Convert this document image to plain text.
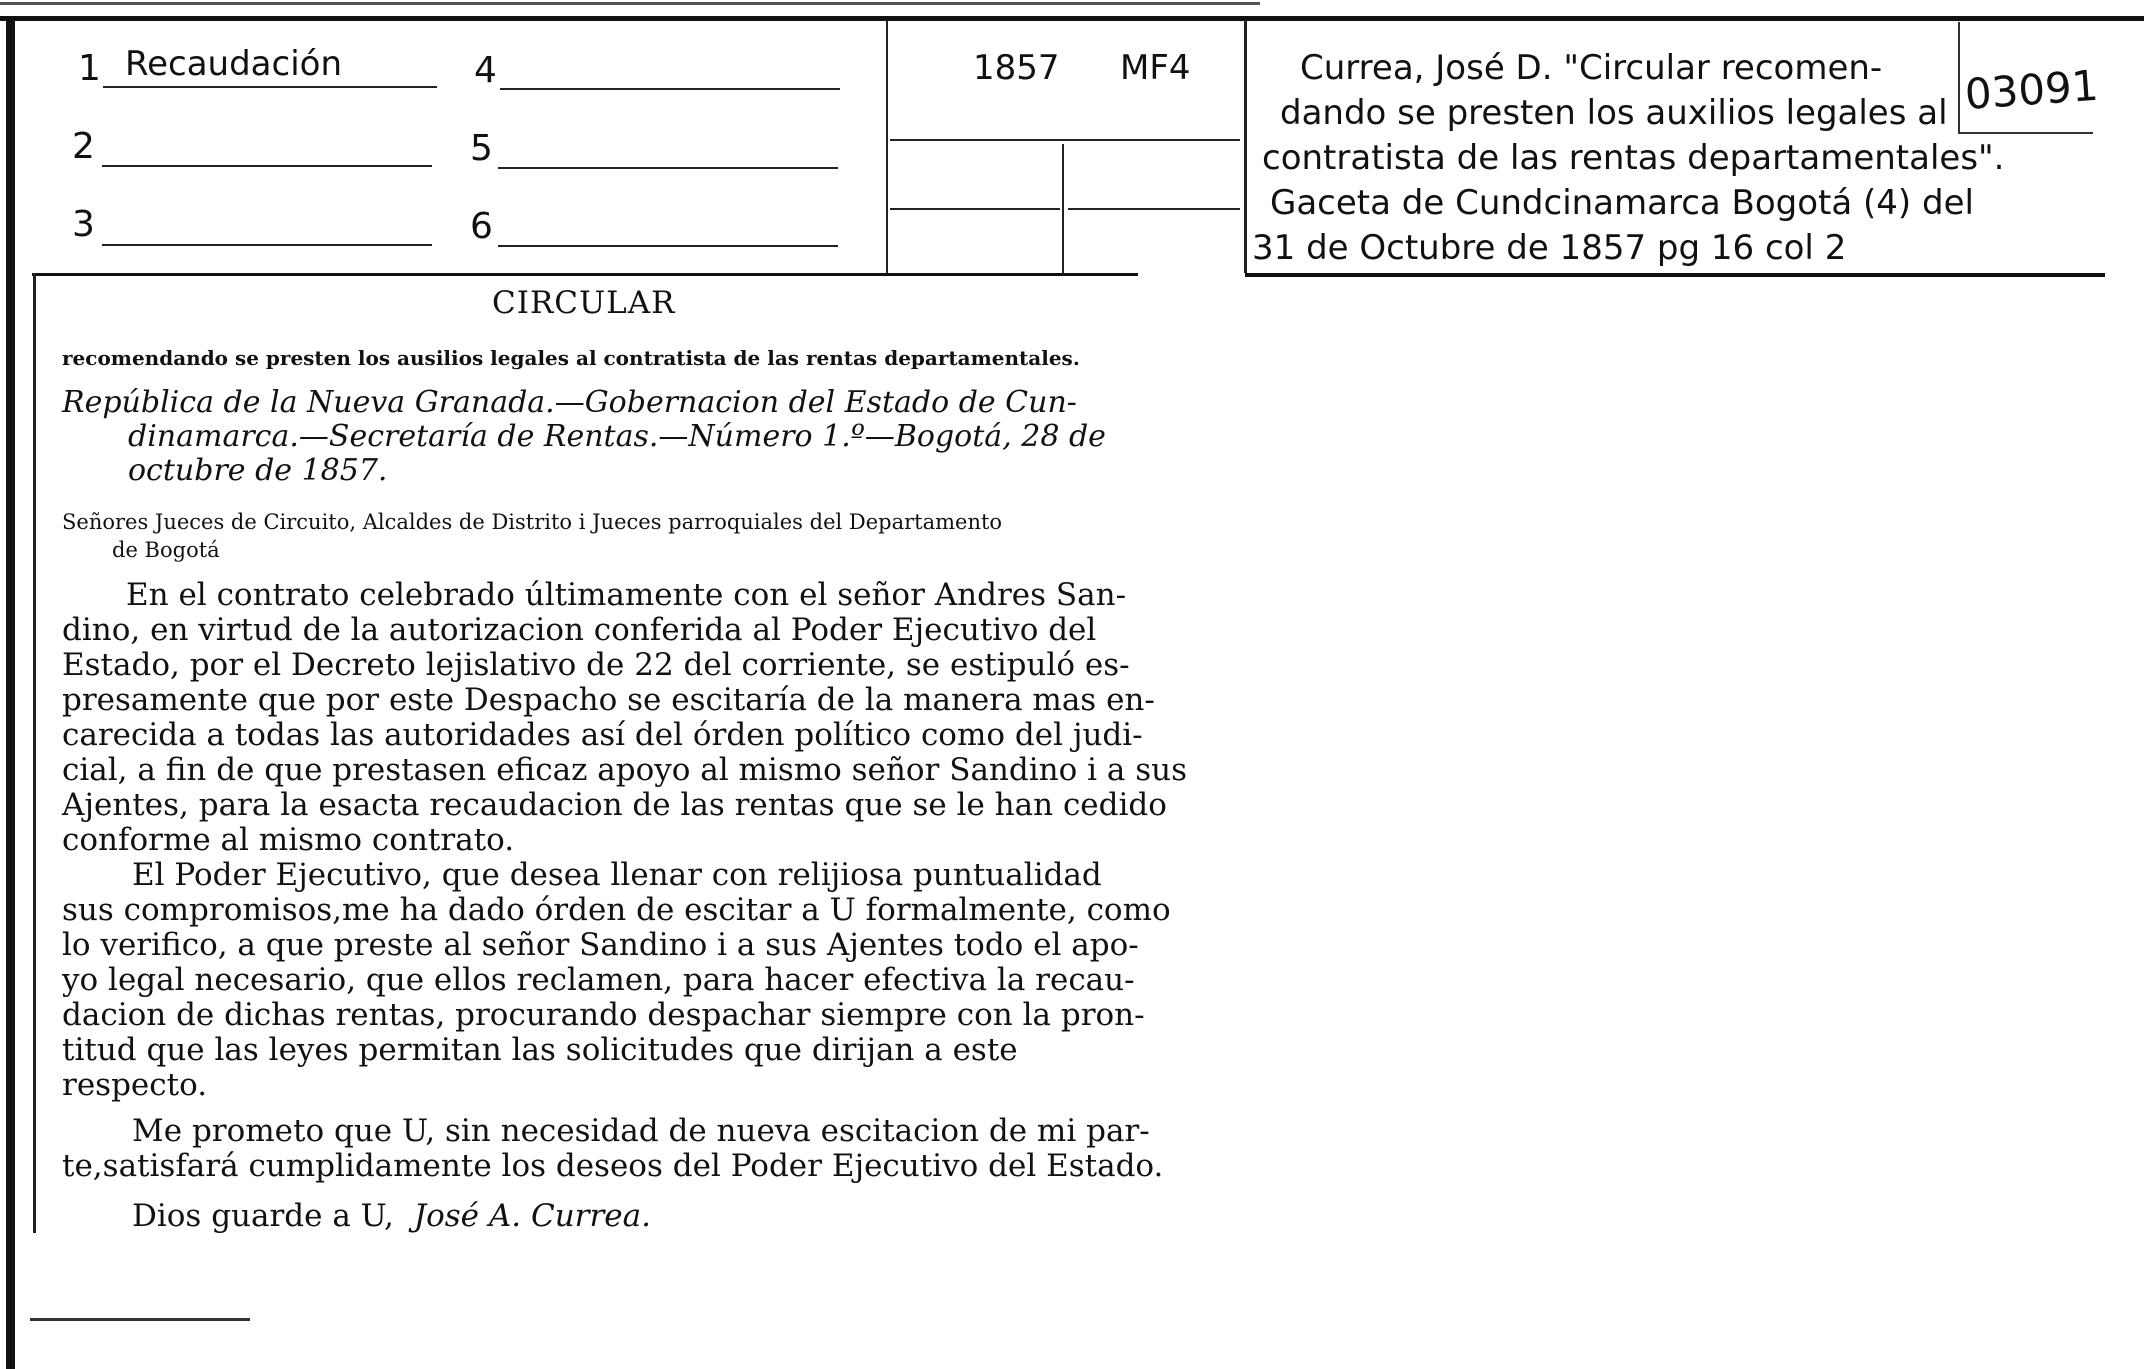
03091
1 Recaudación
2
3
4
5
6
1857 MF4	Currea, José D. "Circular recomen-
dando se presten los auxilios legales al
contratista de las rentas departamentales".
Gaceta de Cundcinamarca Bogotá (4) del
31 de Octubre de 1857 pg 16 col 2
CIRCULAR
recomendando se presten los ausilios legales al contratista de las rentas departamentales.
República de la Nueva Granada.—Gobernacion del Estado de Cun-
dinamarca.—Secretaría de Rentas.—Número 1.º—Bogotá, 28 de
octubre de 1857.
Señores Jueces de Circuito, Alcaldes de Distrito i Jueces parroquiales del Departamento
de Bogotá
En el contrato celebrado últimamente con el señor Andres San-
dino, en virtud de la autorizacion conferida al Poder Ejecutivo del
Estado, por el Decreto lejislativo de 22 del corriente, se estipuló es-
presamente que por este Despacho se escitaría de la manera mas en-
carecida a todas las autoridades así del órden político como del judi-
cial, a fin de que prestasen eficaz apoyo al mismo señor Sandino i a sus
Ajentes, para la esacta recaudacion de las rentas que se le han cedido
conforme al mismo contrato.
El Poder Ejecutivo, que desea llenar con relijiosa puntualidad
sus compromisos,me ha dado órden de escitar a U formalmente, como
lo verifico, a que preste al señor Sandino i a sus Ajentes todo el apo-
yo legal necesario, que ellos reclamen, para hacer efectiva la recau-
dacion de dichas rentas, procurando despachar siempre con la pron-
titud que las leyes permitan las solicitudes que dirijan a este
respecto.
Me prometo que U, sin necesidad de nueva escitacion de mi par-
te,satisfará cumplidamente los deseos del Poder Ejecutivo del Estado.
Dios guarde a U, José A. Currea.
